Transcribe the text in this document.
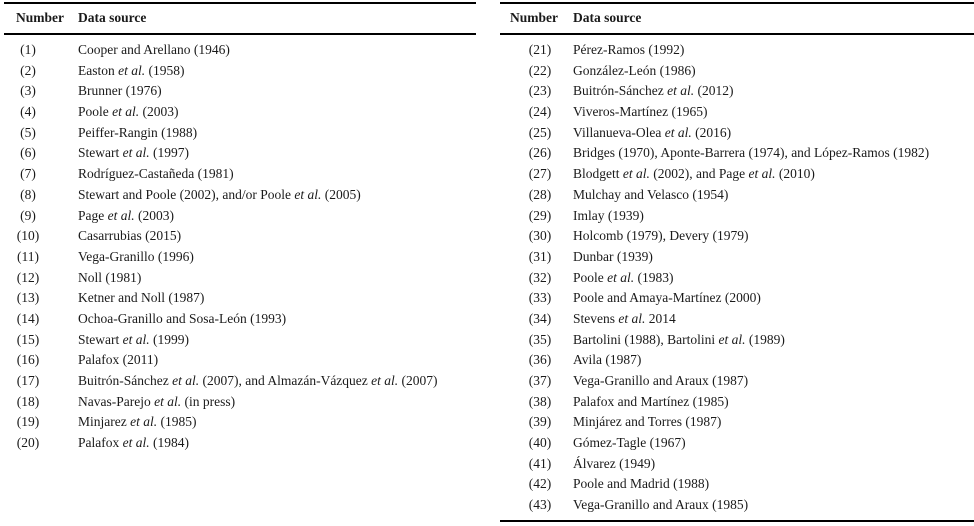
Number Data source
(1)	Cooper and Arellano (1946)
(2)	Easton et al. (1958)
(3)	Brunner (1976)
(4)	Poole et al. (2003)
(5)	Peiffer-Rangin (1988)
(6)	Stewart et al. (1997)
(7)	Rodríguez-Castañeda (1981)
(8)	Stewart and Poole (2002), and/or Poole et al. (2005)
(9)	Page et al. (2003)
(10)	Casarrubias (2015)
(11)	Vega-Granillo (1996)
(12)	Noll (1981)
(13)	Ketner and Noll (1987)
(14)	Ochoa-Granillo and Sosa-León (1993)
(15)	Stewart et al. (1999)
(16)	Palafox (2011)
(17)	Buitrón-Sánchez et al. (2007), and Almazán-Vázquez et al. (2007)
(18)	Navas-Parejo et al. (in press)
(19)	Minjarez et al. (1985)
(20)	Palafox et al. (1984)
Number Data source
(21)	Pérez-Ramos (1992)
(22)	González-León (1986)
(23)	Buitrón-Sánchez et al. (2012)
(24)	Viveros-Martínez (1965)
(25)	Villanueva-Olea et al. (2016)
(26)	Bridges (1970), Aponte-Barrera (1974), and López-Ramos (1982)
(27)	Blodgett et al. (2002), and Page et al. (2010)
(28)	Mulchay and Velasco (1954)
(29)	Imlay (1939)
(30)	Holcomb (1979), Devery (1979)
(31)	Dunbar (1939)
(32)	Poole et al. (1983)
(33)	Poole and Amaya-Martínez (2000)
(34)	Stevens et al. 2014
(35)	Bartolini (1988), Bartolini et al. (1989)
(36)	Avila (1987)
(37)	Vega-Granillo and Araux (1987)
(38)	Palafox and Martínez (1985)
(39)	Minjárez and Torres (1987)
(40)	Gómez-Tagle (1967)
(41)	Álvarez (1949)
(42)	Poole and Madrid (1988)
(43)	Vega-Granillo and Araux (1985)
